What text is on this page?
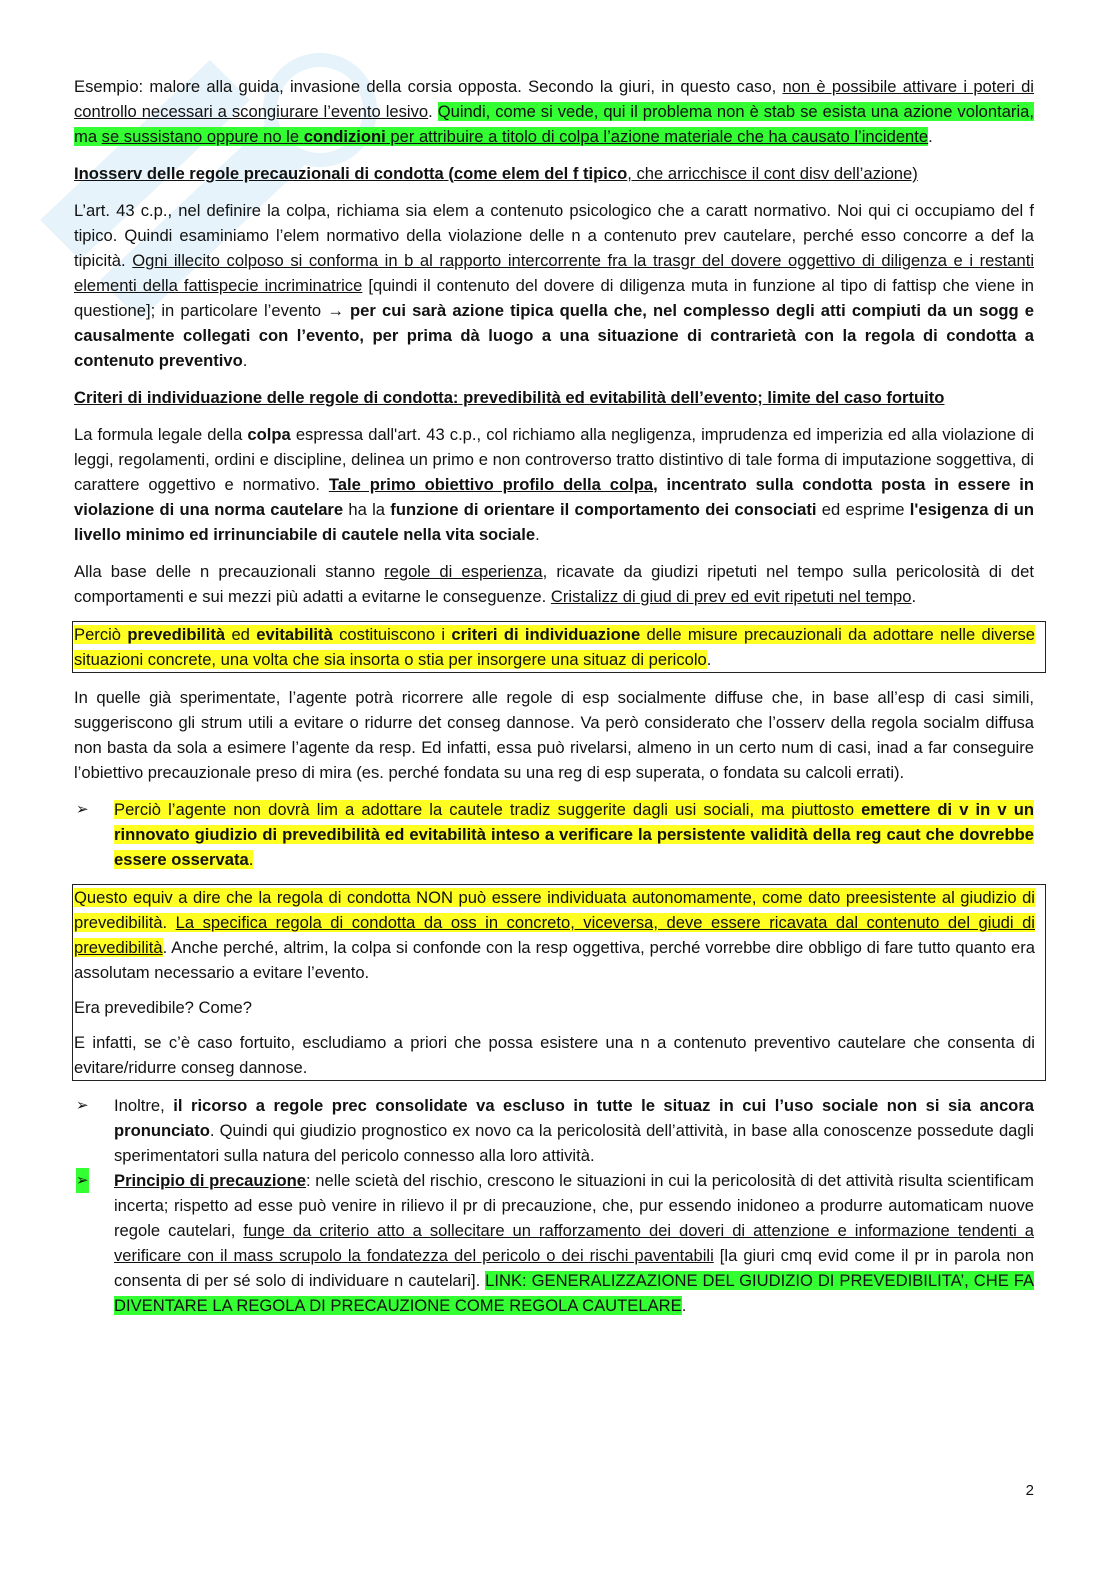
Esempio: malore alla guida, invasione della corsia opposta. Secondo la giuri, in questo caso, non è possibile attivare i poteri di controllo necessari a scongiurare l’evento lesivo. Quindi, come si vede, qui il problema non è stab se esista una azione volontaria, ma se sussistano oppure no le condizioni per attribuire a titolo di colpa l’azione materiale che ha causato l’incidente.

Inosserv delle regole precauzionali di condotta (come elem del f tipico, che arricchisce il cont disv dell’azione)

L’art. 43 c.p., nel definire la colpa, richiama sia elem a contenuto psicologico che a caratt normativo. Noi qui ci occupiamo del f tipico. Quindi esaminiamo l’elem normativo della violazione delle n a contenuto prev cautelare, perché esso concorre a def la tipicità. Ogni illecito colposo si conforma in b al rapporto intercorrente fra la trasgr del dovere oggettivo di diligenza e i restanti elementi della fattispecie incriminatrice [quindi il contenuto del dovere di diligenza muta in funzione al tipo di fattisp che viene in questione]; in particolare l’evento → per cui sarà azione tipica quella che, nel complesso degli atti compiuti da un sogg e causalmente collegati con l’evento, per prima dà luogo a una situazione di contrarietà con la regola di condotta a contenuto preventivo.

Criteri di individuazione delle regole di condotta: prevedibilità ed evitabilità dell’evento; limite del caso fortuito

La formula legale della colpa espressa dall'art. 43 c.p., col richiamo alla negligenza, imprudenza ed imperizia ed alla violazione di leggi, regolamenti, ordini e discipline, delinea un primo e non controverso tratto distintivo di tale forma di imputazione soggettiva, di carattere oggettivo e normativo. Tale primo obiettivo profilo della colpa, incentrato sulla condotta posta in essere in violazione di una norma cautelare ha la funzione di orientare il comportamento dei consociati ed esprime l'esigenza di un livello minimo ed irrinunciabile di cautele nella vita sociale.

Alla base delle n precauzionali stanno regole di esperienza, ricavate da giudizi ripetuti nel tempo sulla pericolosità di det comportamenti e sui mezzi più adatti a evitarne le conseguenze. Cristalizz di giud di prev ed evit ripetuti nel tempo.

Perciò prevedibilità ed evitabilità costituiscono i criteri di individuazione delle misure precauzionali da adottare nelle diverse situazioni concrete, una volta che sia insorta o stia per insorgere una situaz di pericolo.

In quelle già sperimentate, l’agente potrà ricorrere alle regole di esp socialmente diffuse che, in base all’esp di casi simili, suggeriscono gli strum utili a evitare o ridurre det conseg dannose. Va però considerato che l’osserv della regola socialm diffusa non basta da sola a esimere l’agente da resp. Ed infatti, essa può rivelarsi, almeno in un certo num di casi, inad a far conseguire l’obiettivo precauzionale preso di mira (es. perché fondata su una reg di esp superata, o fondata su calcoli errati).

➢ Perciò l’agente non dovrà lim a adottare la cautele tradiz suggerite dagli usi sociali, ma piuttosto emettere di v in v un rinnovato giudizio di prevedibilità ed evitabilità inteso a verificare la persistente validità della reg caut che dovrebbe essere osservata.

Questo equiv a dire che la regola di condotta NON può essere individuata autonomamente, come dato preesistente al giudizio di prevedibilità. La specifica regola di condotta da oss in concreto, viceversa, deve essere ricavata dal contenuto del giudi di prevedibilità. Anche perché, altrim, la colpa si confonde con la resp oggettiva, perché vorrebbe dire obbligo di fare tutto quanto era assolutam necessario a evitare l’evento.

Era prevedibile? Come?

E infatti, se c’è caso fortuito, escludiamo a priori che possa esistere una n a contenuto preventivo cautelare che consenta di evitare/ridurre conseg dannose.

➢ Inoltre, il ricorso a regole prec consolidate va escluso in tutte le situaz in cui l’uso sociale non si sia ancora pronunciato. Quindi qui giudizio prognostico ex novo ca la pericolosità dell’attività, in base alla conoscenze possedute dagli sperimentatori sulla natura del pericolo connesso alla loro attività.

➢ Principio di precauzione: nelle scietà del rischio, crescono le situazioni in cui la pericolosità di det attività risulta scientificam incerta; rispetto ad esse può venire in rilievo il pr di precauzione, che, pur essendo inidoneo a produrre automaticam nuove regole cautelari, funge da criterio atto a sollecitare un rafforzamento dei doveri di attenzione e informazione tendenti a verificare con il mass scrupolo la fondatezza del pericolo o dei rischi paventabili [la giuri cmq evid come il pr in parola non consenta di per sé solo di individuare n cautelari]. LINK: GENERALIZZAZIONE DEL GIUDIZIO DI PREVEDIBILITA’, CHE FA DIVENTARE LA REGOLA DI PRECAUZIONE COME REGOLA CAUTELARE.

2
